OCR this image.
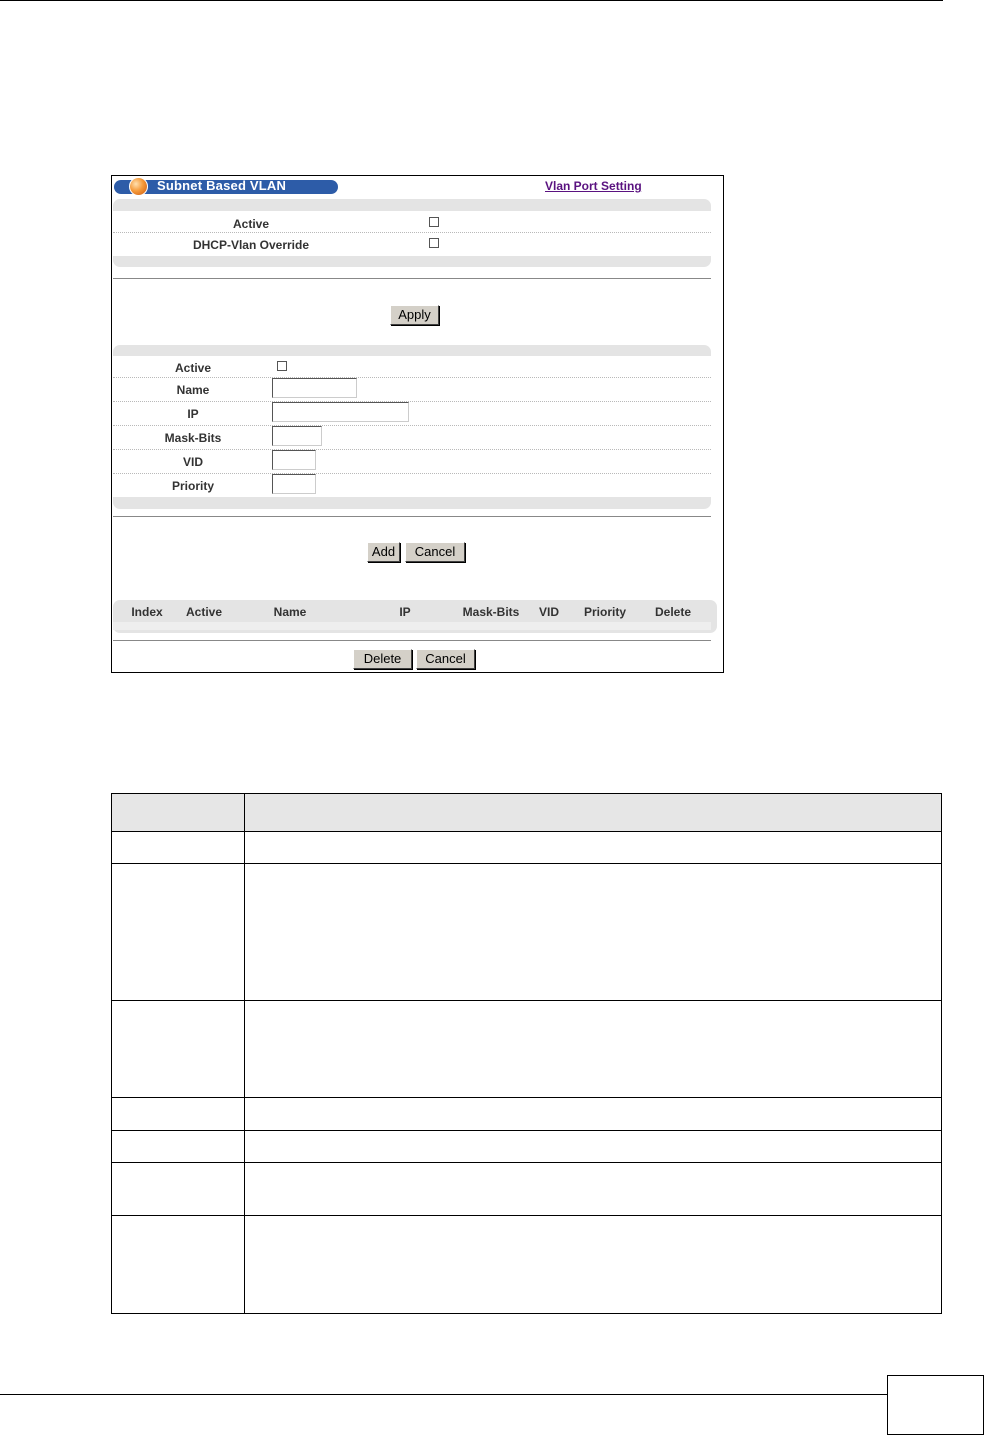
Subnet Based VLAN	Vlan Port Setting
Active
DHCP-Vlan Override
Apply
Active
Name
IP
Mask-Bits
VID
Priority
Add	Cancel
Index	Active	Name	IP	Mask-Bits	VID	Priority	Delete
Delete	Cancel
